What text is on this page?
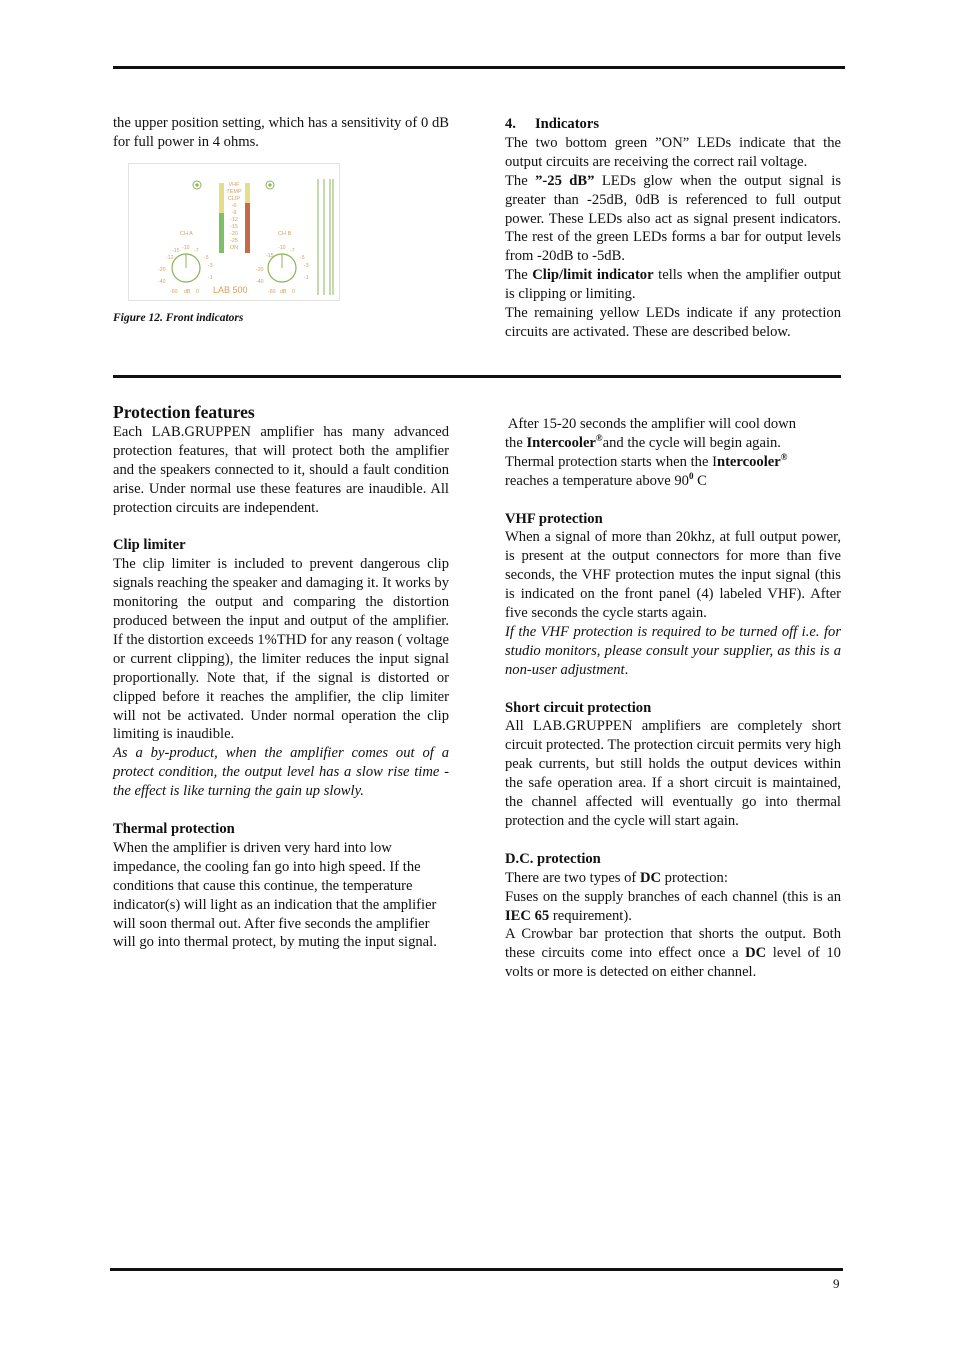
the upper position setting, which has a sensitivity of 0 dB for full power in 4 ohms.

VHF
TEMP
CLIP
-6
-9
-12
-15
-20
-25
ON
CH A	CH B
-7
-10
-15
-12
-20
-40
-5
-3
-1
-7
-10
-15
-20
-40
-5
-3
-1
-60 dB 0	-60 dB 0
LAB 500
Figure 12. Front indicators

4. Indicators

The two bottom green ”ON” LEDs indicate that the output circuits are receiving the correct rail voltage.

The ”-25 dB” LEDs glow when the output signal is greater than -25dB, 0dB is referenced to full output power. These LEDs also act as signal present indicators. The rest of the green LEDs forms a bar for output levels from -20dB to -5dB.

The Clip/limit indicator tells when the amplifier output is clipping or limiting.

The remaining yellow LEDs indicate if any protection circuits are activated. These are described below.

Protection features

Each LAB.GRUPPEN amplifier has many advanced protection features, that will protect both the amplifier and the speakers connected to it, should a fault condition arise. Under normal use these features are inaudible. All protection circuits are independent.

Clip limiter

The clip limiter is included to prevent dangerous clip signals reaching the speaker and damaging it. It works by monitoring the output and comparing the distortion produced between the input and output of the amplifier. If the distortion exceeds 1%THD for any reason ( voltage or current clipping), the limiter reduces the input signal proportionally. Note that, if the signal is distorted or clipped before it reaches the amplifier, the clip limiter will not be activated. Under normal operation the clip limiting is inaudible.

As a by-product, when the amplifier comes out of a protect condition, the output level has a slow rise time -the effect is like turning the gain up slowly.

Thermal protection

When the amplifier is driven very hard into low impedance, the cooling fan go into high speed. If the conditions that cause this continue, the temperature indicator(s) will light as an indication that the amplifier will soon thermal out. After five seconds the amplifier will go into thermal protect, by muting the input signal.

After 15-20 seconds the amplifier will cool down

the Intercooler®and the cycle will begin again.

Thermal protection starts when the Intercooler®

reaches a temperature above $90^0$ C

VHF protection

When a signal of more than 20khz, at full output power, is present at the output connectors for more than five seconds, the VHF protection mutes the input signal (this is indicated on the front panel (4) labeled VHF). After five seconds the cycle starts again.

If the VHF protection is required to be turned off i.e. for studio monitors, please consult your supplier, as this is a non-user adjustment.

Short circuit protection

All LAB.GRUPPEN amplifiers are completely short circuit protected. The protection circuit permits very high peak currents, but still holds the output devices within the safe operation area. If a short circuit is maintained, the channel affected will eventually go into thermal protection and the cycle will start again.

D.C. protection

There are two types of DC protection:

Fuses on the supply branches of each channel (this is an IEC 65 requirement).

A Crowbar bar protection that shorts the output. Both these circuits come into effect once a DC level of 10 volts or more is detected on either channel.

9
